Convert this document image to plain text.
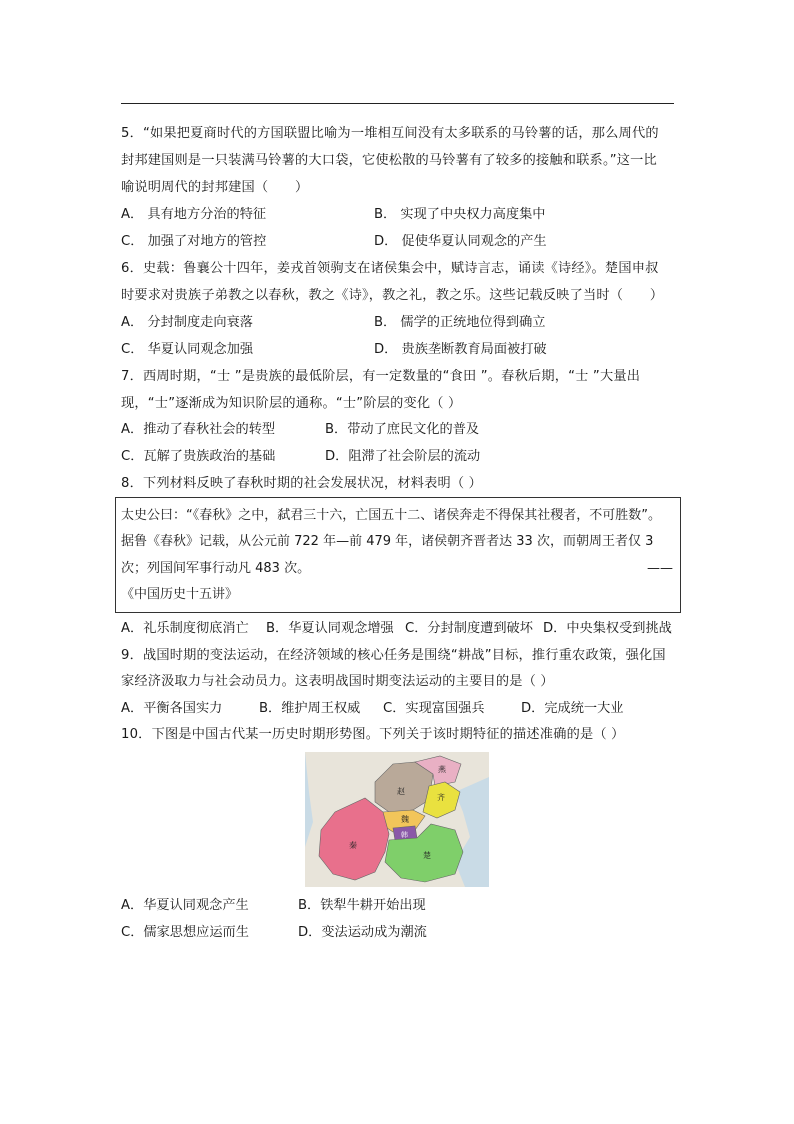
5．“如果把夏商时代的方国联盟比喻为一堆相互间没有太多联系的马铃薯的话，那么周代的
封邦建国则是一只装满马铃薯的大口袋，它使松散的马铃薯有了较多的接触和联系。”这一比
喻说明周代的封邦建国（　　）
A． 具有地方分治的特征	B． 实现了中央权力高度集中
C． 加强了对地方的管控	D． 促使华夏认同观念的产生
6．史载：鲁襄公十四年，姜戎首领驹支在诸侯集会中，赋诗言志，诵读《诗经》。楚国申叔
时要求对贵族子弟教之以春秋，教之《诗》，教之礼，教之乐。这些记载反映了当时（　　）
A． 分封制度走向衰落	B． 儒学的正统地位得到确立
C． 华夏认同观念加强	D． 贵族垄断教育局面被打破
7．西周时期，“士 ”是贵族的最低阶层，有一定数量的“食田 ”。春秋后期，“士 ”大量出
现，“士”逐渐成为知识阶层的通称。“士”阶层的变化（ ）
A．推动了春秋社会的转型	B．带动了庶民文化的普及
C．瓦解了贵族政治的基础	D．阻滞了社会阶层的流动
8．下列材料反映了春秋时期的社会发展状况，材料表明（ ）
太史公曰：“《春秋》之中，弑君三十六，亡国五十二、诸侯奔走不得保其社稷者，不可胜数”。
据鲁《春秋》记载，从公元前 722 年—前 479 年，诸侯朝齐晋者达 33 次，而朝周王者仅 3
次；列国间军事行动凡 483 次。	——
《中国历史十五讲》
A．礼乐制度彻底消亡 B．华夏认同观念增强 C．分封制度遭到破坏 D．中央集权受到挑战
9．战国时期的变法运动，在经济领域的核心任务是围绕“耕战”目标，推行重农政策，强化国
家经济汲取力与社会动员力。这表明战国时期变法运动的主要目的是（ ）
A．平衡各国实力	B．维护周王权威 C．实现富国强兵	D．完成统一大业
10．下图是中国古代某一历史时期形势图。下列关于该时期特征的描述准确的是（ ）
赵
燕
齐
魏
韩
秦
楚
A．华夏认同观念产生	B．铁犁牛耕开始出现
C．儒家思想应运而生	D．变法运动成为潮流
